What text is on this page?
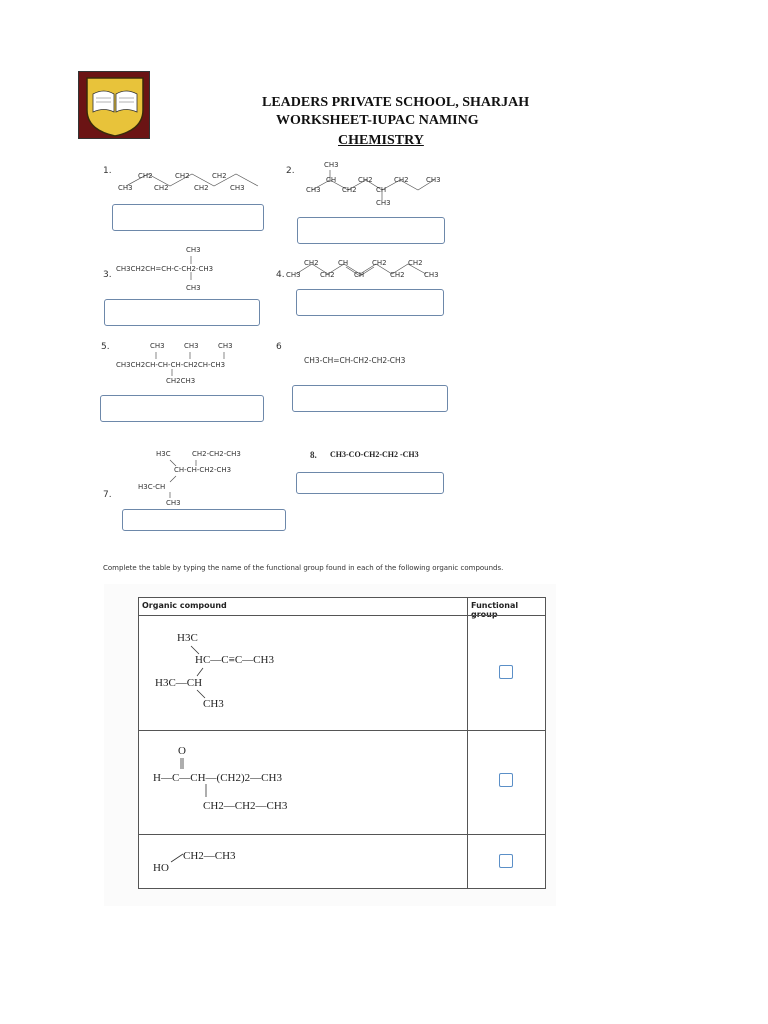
LEADERS PRIVATE SCHOOL, SHARJAH
WORKSHEET-IUPAC NAMING
CHEMISTRY
1.
CH3
CH2
CH2
CH2
CH2
CH2
CH3
2.
CH3
CH
CH3
CH2
CH2
CH
CH3
CH2 CH3
3.
CH3
CH3CH2CH=CH-C-CH2-CH3
CH3
4. CH3
CH2
CH2
CH
CH
CH2
CH2
CH2
CH3
5.	CH3	CH3	CH3
CH3CH2CH-CH-CH-CH2CH-CH3
CH2CH3
6
CH3-CH=CH-CH2-CH2-CH3
H3C	CH2-CH2-CH3
CH-CH-CH2-CH3
H3C-CH
7.
CH3
8. CH3-CO-CH2-CH2 -CH3
Complete the table by typing the name of the functional group found in each of the following organic compounds.
Organic compound	Functional
H3C
HC—C≡C—CH3
H3C—CH
CH3
O
H—C—CH—(CH2)2—CH3
CH2—CH2—CH3
HO
CH2—CH3
